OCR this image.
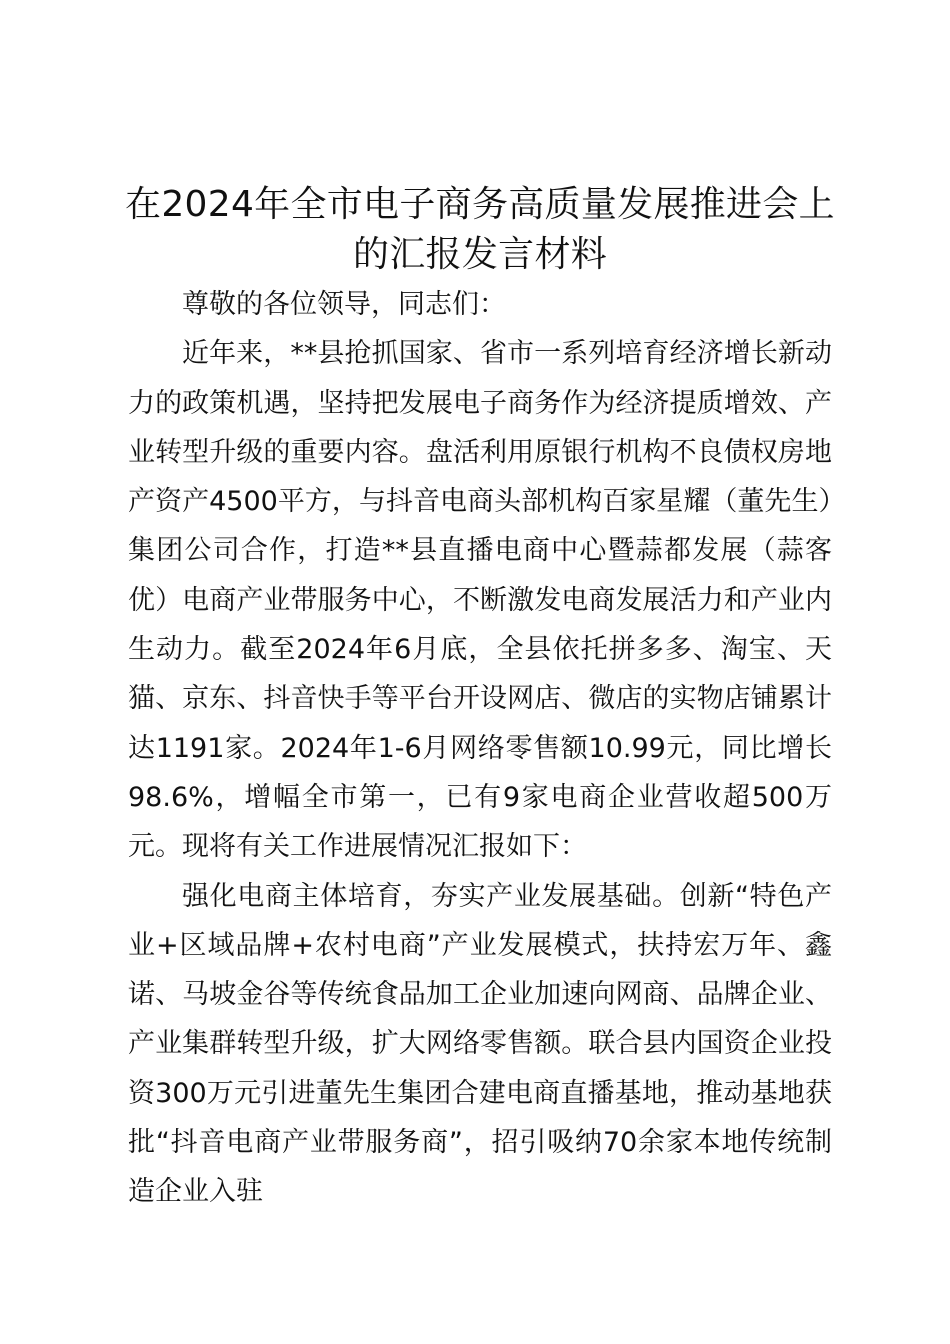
在2024年全市电子商务高质量发展推进会上的汇报发言材料

尊敬的各位领导，同志们：

近年来，**县抢抓国家、省市一系列培育经济增长新动力的政策机遇，坚持把发展电子商务作为经济提质增效、产业转型升级的重要内容。盘活利用原银行机构不良债权房地产资产4500平方，与抖音电商头部机构百家星耀（董先生）集团公司合作，打造**县直播电商中心暨蒜都发展（蒜客优）电商产业带服务中心，不断激发电商发展活力和产业内生动力。截至2024年6月底，全县依托拼多多、淘宝、天猫、京东、抖音快手等平台开设网店、微店的实物店铺累计达1191家。2024年1-6月网络零售额10.99元，同比增长98.6%，增幅全市第一，已有9家电商企业营收超500万元。现将有关工作进展情况汇报如下：

强化电商主体培育，夯实产业发展基础。创新“特色产业+区域品牌+农村电商”产业发展模式，扶持宏万年、鑫诺、马坡金谷等传统食品加工企业加速向网商、品牌企业、产业集群转型升级，扩大网络零售额。联合县内国资企业投资300万元引进董先生集团合建电商直播基地，推动基地获批“抖音电商产业带服务商”，招引吸纳70余家本地传统制造企业入驻
